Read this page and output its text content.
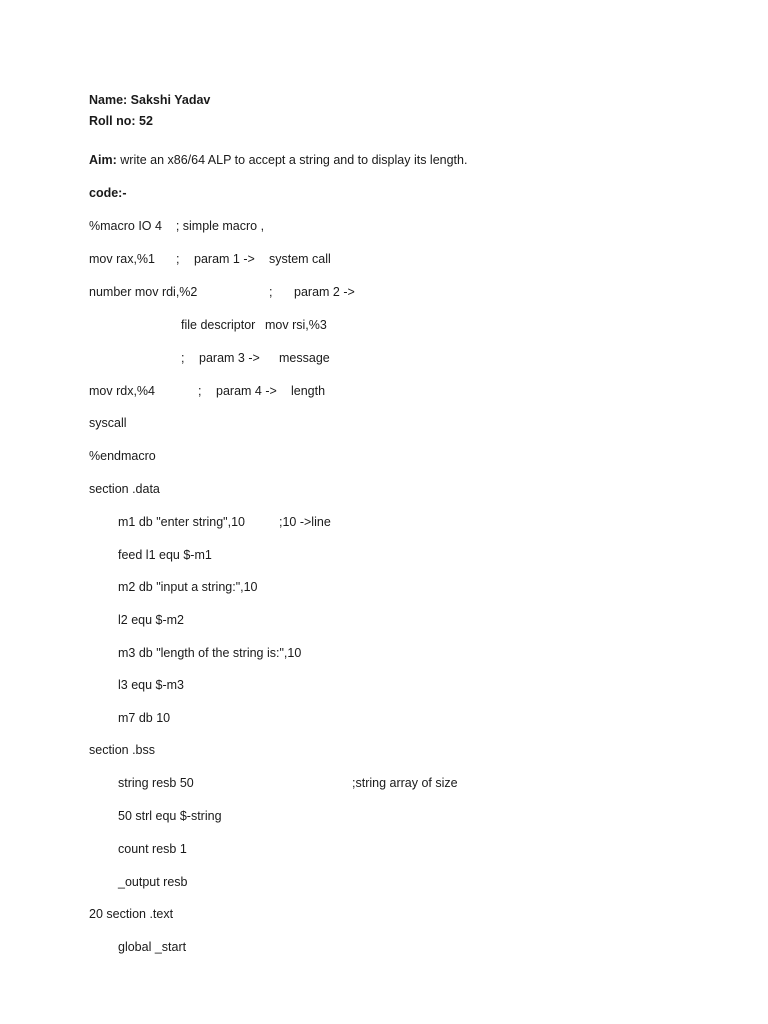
Name: Sakshi Yadav
Roll no: 52
Aim: write an x86/64 ALP to accept a string and to display its length.
code:-
%macro IO 4    ; simple macro ,

mov rax,%1

;

param 1 ->

system call

number mov rdi,%2

	;

param 2 ->

file descriptor

mov rsi,%3

;

param 3 ->

message

mov rdx,%4

	;

param 4 ->

length

syscall
%endmacro
section .data

m1 db "enter string",10

	;10 ->line

feed l1 equ $-m1
m2 db "input a string:",10
l2 equ $-m2
m3 db "length of the string is:",10
l3 equ $-m3
m7 db 10
section .bss

string resb 50

	;string array of size

50 strl equ $-string
count resb 1
_output resb
20 section .text
global _start
